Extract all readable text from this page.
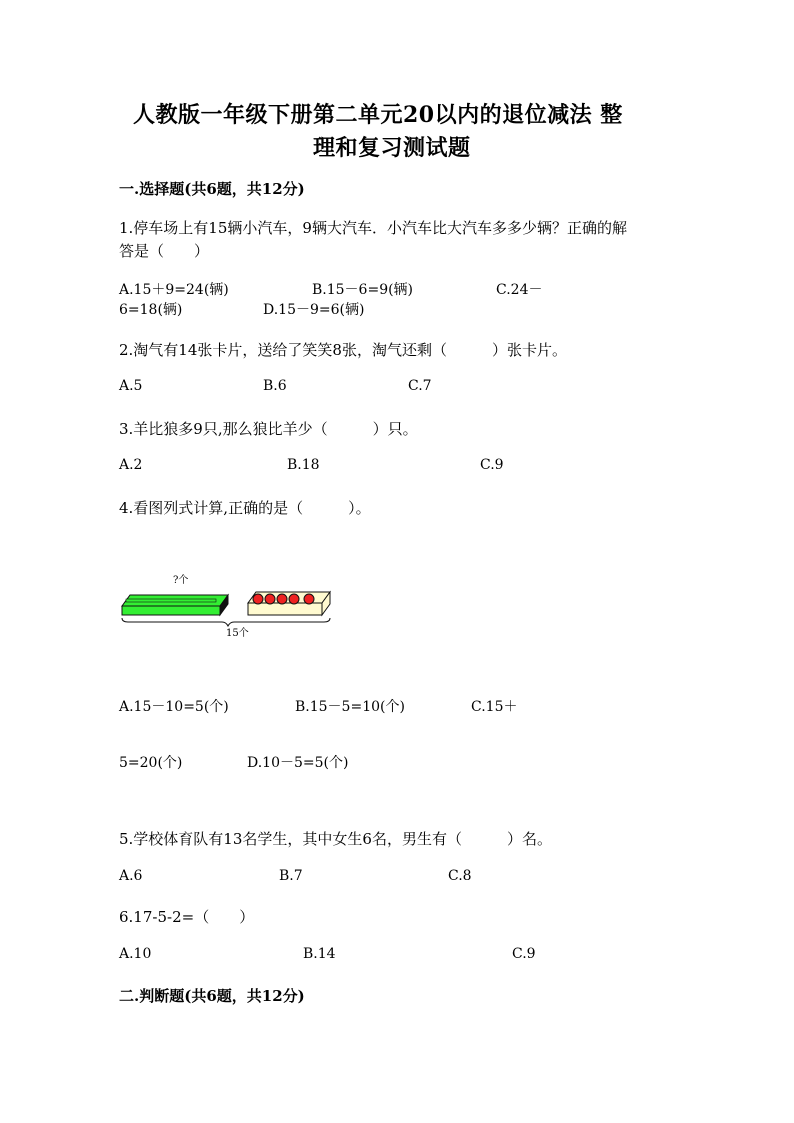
人教版一年级下册第二单元20以内的退位减法 整
理和复习测试题
一.选择题(共6题，共12分)
1.停车场上有15辆小汽车，9辆大汽车．小汽车比大汽车多多少辆？正确的解
答是（　　）
A.15＋9=24(辆)	B.15－6=9(辆)	C.24－
6=18(辆)	D.15－9=6(辆)
2.淘气有14张卡片，送给了笑笑8张，淘气还剩（　　　）张卡片。
A.5	B.6	C.7
3.羊比狼多9只,那么狼比羊少（　　　）只。
A.2	B.18	C.9
4.看图列式计算,正确的是（　　　）。
?个
15个
A.15－10=5(个)	B.15－5=10(个)	C.15＋
5=20(个)	D.10－5=5(个)
5.学校体育队有13名学生，其中女生6名，男生有（　　　）名。
A.6	B.7	C.8
6.17-5-2=（　　）
A.10	B.14	C.9
二.判断题(共6题，共12分)
